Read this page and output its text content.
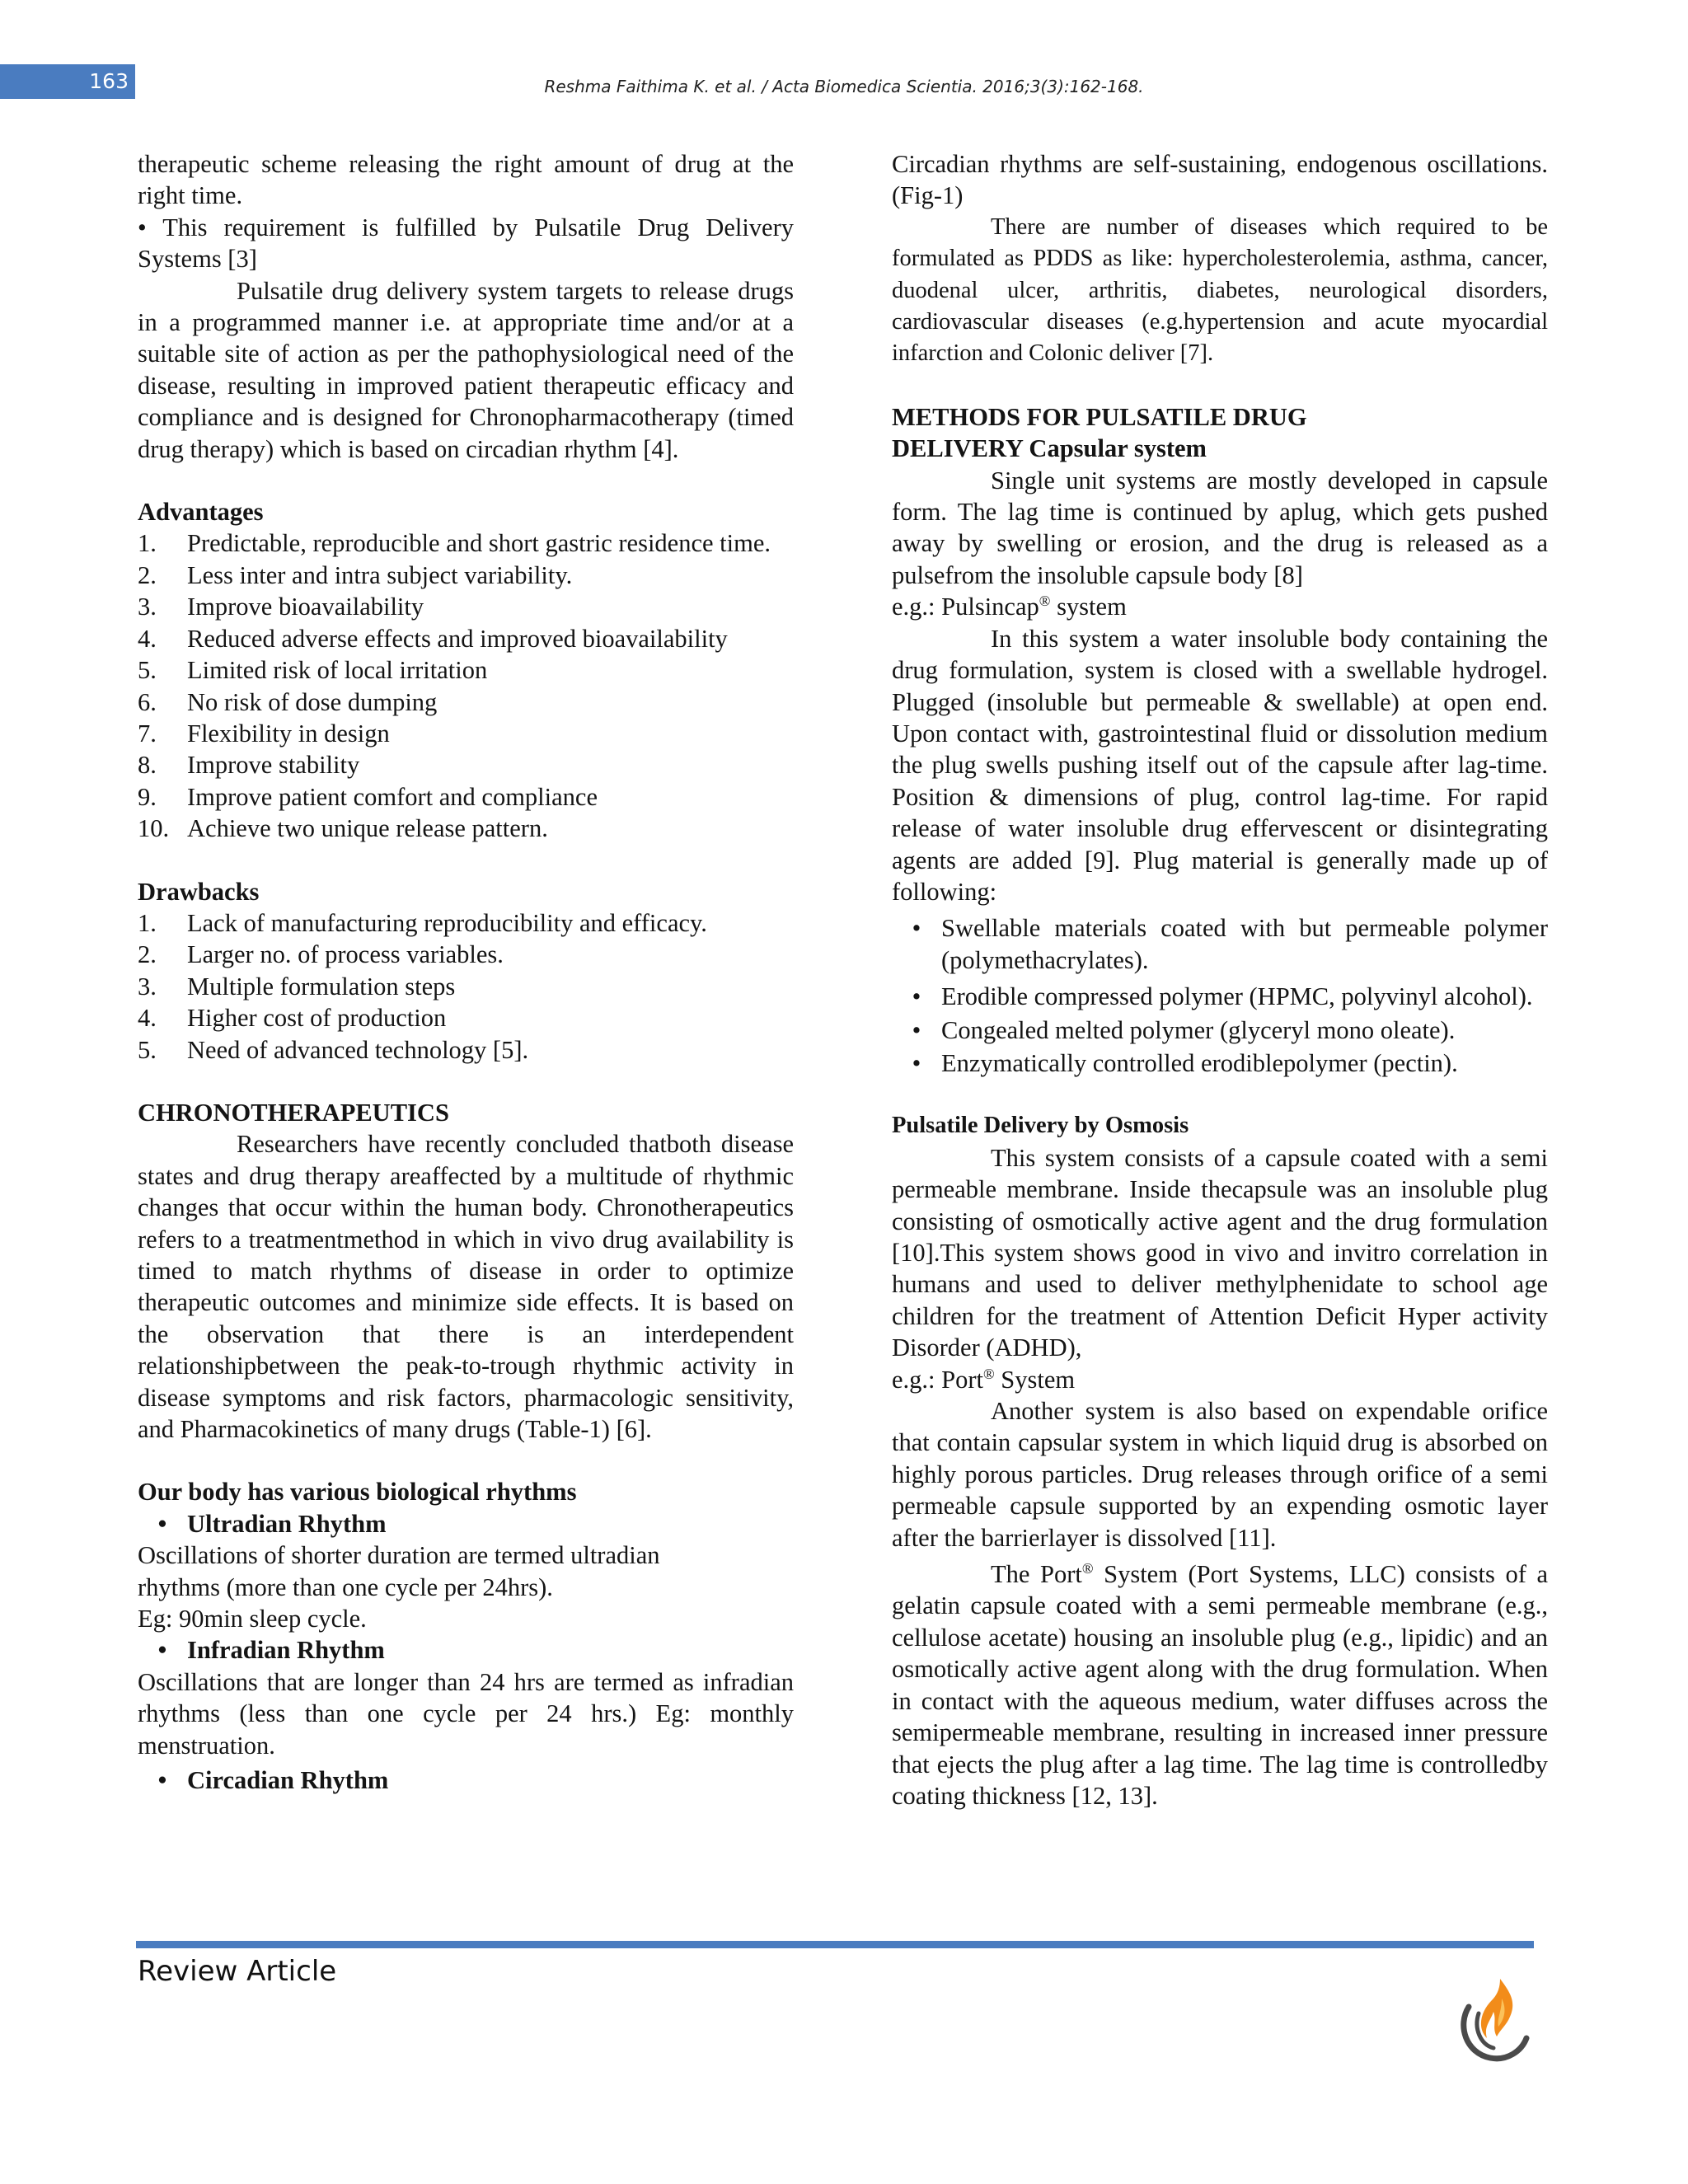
163	Reshma Faithima K. et al. / Acta Biomedica Scientia. 2016;3(3):162-168.

therapeutic scheme releasing the right amount of drug at the right time.

• This requirement is fulfilled by Pulsatile Drug Delivery Systems [3]

Pulsatile drug delivery system targets to release drugs in a programmed manner i.e. at appropriate time and/or at a suitable site of action as per the pathophysiological need of the disease, resulting in improved patient therapeutic efficacy and compliance and is designed for Chronopharmacotherapy (timed drug therapy) which is based on circadian rhythm [4].

Advantages

1.	Predictable, reproducible and short gastric residence time.
2.	Less inter and intra subject variability.
3.	Improve bioavailability
4.	Reduced adverse effects and improved bioavailability
5.	Limited risk of local irritation
6.	No risk of dose dumping
7.	Flexibility in design
8.	Improve stability
9.	Improve patient comfort and compliance
10. Achieve two unique release pattern.

Drawbacks

1.	Lack of manufacturing reproducibility and efficacy.
2.	Larger no. of process variables.
3.	Multiple formulation steps
4.	Higher cost of production
5.	Need of advanced technology [5].

CHRONOTHERAPEUTICS

Researchers have recently concluded thatboth disease states and drug therapy areaffected by a multitude of rhythmic changes that occur within the human body. Chronotherapeutics refers to a treatmentmethod in which in vivo drug availability is timed to match rhythms of disease in order to optimize therapeutic outcomes and minimize side effects. It is based on the observation that there is an interdependent relationshipbetween the peak-to-trough rhythmic activity in disease symptoms and risk factors, pharmacologic sensitivity, and Pharmacokinetics of many drugs (Table-1) [6].

Our body has various biological rhythms

• Ultradian Rhythm

Oscillations of shorter duration are termed ultradian

rhythms (more than one cycle per 24hrs).

Eg: 90min sleep cycle.

• Infradian Rhythm

Oscillations that are longer than 24 hrs are termed as infradian rhythms (less than one cycle per 24 hrs.) Eg: monthly menstruation.

• Circadian Rhythm

Circadian rhythms are self-sustaining, endogenous oscillations. (Fig-1)

There are number of diseases which required to be formulated as PDDS as like: hypercholesterolemia, asthma, cancer, duodenal ulcer, arthritis, diabetes, neurological disorders, cardiovascular diseases (e.g.hypertension and acute myocardial infarction and Colonic deliver [7].

METHODS FOR PULSATILE DRUG

DELIVERY Capsular system

Single unit systems are mostly developed in capsule form. The lag time is continued by aplug, which gets pushed away by swelling or erosion, and the drug is released as a pulsefrom the insoluble capsule body [8]

e.g.: Pulsincap® system

In this system a water insoluble body containing the drug formulation, system is closed with a swellable hydrogel. Plugged (insoluble but permeable & swellable) at open end. Upon contact with, gastrointestinal fluid or dissolution medium the plug swells pushing itself out of the capsule after lag-time. Position & dimensions of plug, control lag-time. For rapid release of water insoluble drug effervescent or disintegrating agents are added [9]. Plug material is generally made up of following:

• Swellable materials coated with but permeable polymer (polymethacrylates).
• Erodible compressed polymer (HPMC, polyvinyl alcohol).
• Congealed melted polymer (glyceryl mono oleate).
• Enzymatically controlled erodiblepolymer (pectin).

Pulsatile Delivery by Osmosis

This system consists of a capsule coated with a semi permeable membrane. Inside thecapsule was an insoluble plug consisting of osmotically active agent and the drug formulation [10].This system shows good in vivo and invitro correlation in humans and used to deliver methylphenidate to school age children for the treatment of Attention Deficit Hyper activity Disorder (ADHD),

e.g.: Port® System

Another system is also based on expendable orifice that contain capsular system in which liquid drug is absorbed on highly porous particles. Drug releases through orifice of a semi permeable capsule supported by an expending osmotic layer after the barrierlayer is dissolved [11].

The Port® System (Port Systems, LLC) consists of a gelatin capsule coated with a semi permeable membrane (e.g., cellulose acetate) housing an insoluble plug (e.g., lipidic) and an osmotically active agent along with the drug formulation. When in contact with the aqueous medium, water diffuses across the semipermeable membrane, resulting in increased inner pressure that ejects the plug after a lag time. The lag time is controlledby coating thickness [12, 13].

Review Article
